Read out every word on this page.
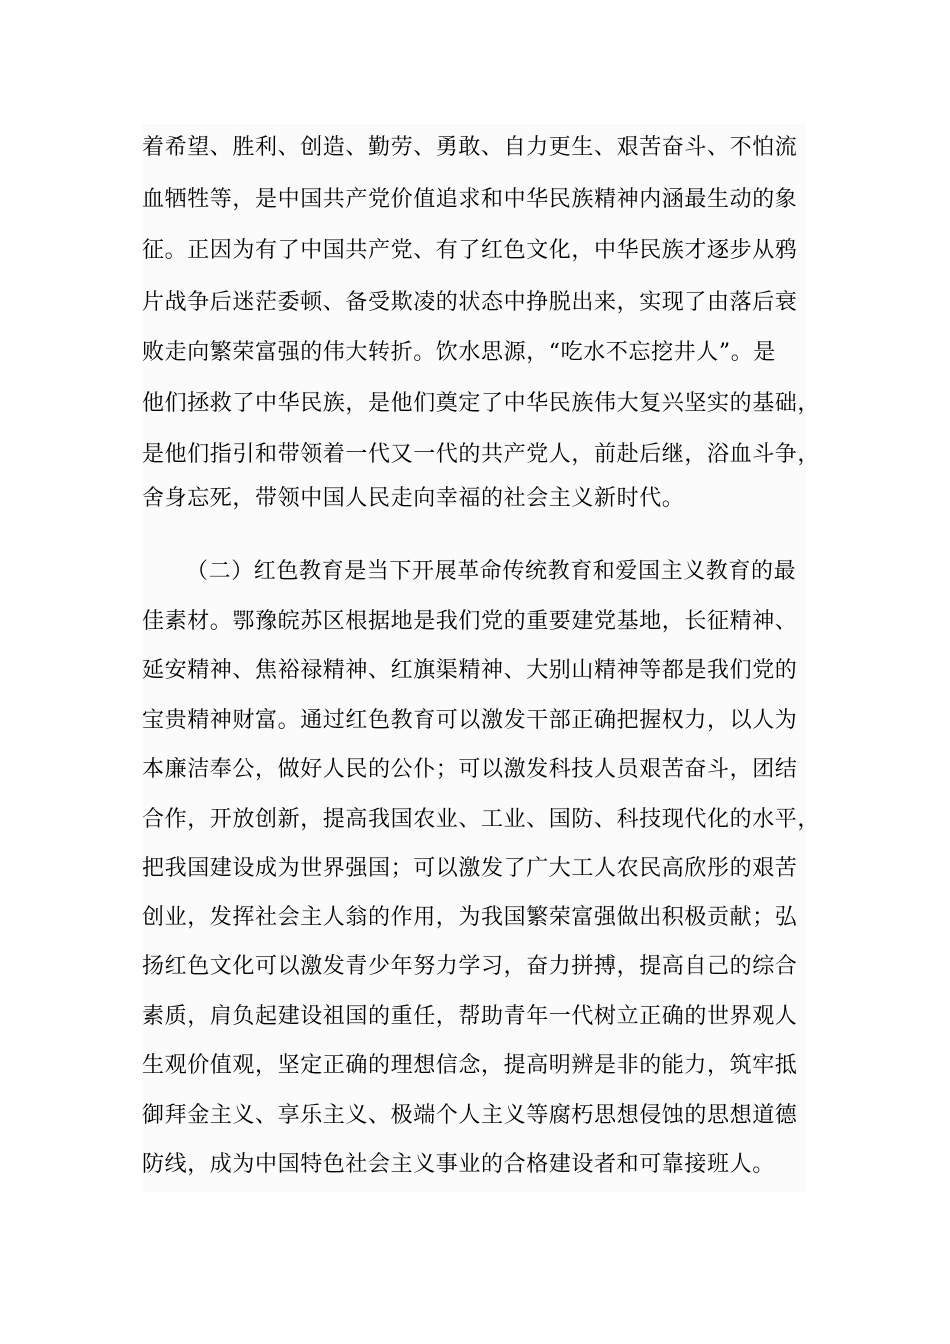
着希望、胜利、创造、勤劳、勇敢、自力更生、艰苦奋斗、不怕流
血牺牲等，是中国共产党价值追求和中华民族精神内涵最生动的象
征。正因为有了中国共产党、有了红色文化，中华民族才逐步从鸦
片战争后迷茫委顿、备受欺凌的状态中挣脱出来，实现了由落后衰
败走向繁荣富强的伟大转折。饮水思源，“吃水不忘挖井人”。是
他们拯救了中华民族，是他们奠定了中华民族伟大复兴坚实的基础，
是他们指引和带领着一代又一代的共产党人，前赴后继，浴血斗争，
舍身忘死，带领中国人民走向幸福的社会主义新时代。
（二）红色教育是当下开展革命传统教育和爱国主义教育的最
佳素材。鄂豫皖苏区根据地是我们党的重要建党基地，长征精神、
延安精神、焦裕禄精神、红旗渠精神、大别山精神等都是我们党的
宝贵精神财富。通过红色教育可以激发干部正确把握权力，以人为
本廉洁奉公，做好人民的公仆；可以激发科技人员艰苦奋斗，团结
合作，开放创新，提高我国农业、工业、国防、科技现代化的水平，
把我国建设成为世界强国；可以激发了广大工人农民高欣彤的艰苦
创业，发挥社会主人翁的作用，为我国繁荣富强做出积极贡献；弘
扬红色文化可以激发青少年努力学习，奋力拼搏，提高自己的综合
素质，肩负起建设祖国的重任，帮助青年一代树立正确的世界观人
生观价值观，坚定正确的理想信念，提高明辨是非的能力，筑牢抵
御拜金主义、享乐主义、极端个人主义等腐朽思想侵蚀的思想道德
防线，成为中国特色社会主义事业的合格建设者和可靠接班人。
